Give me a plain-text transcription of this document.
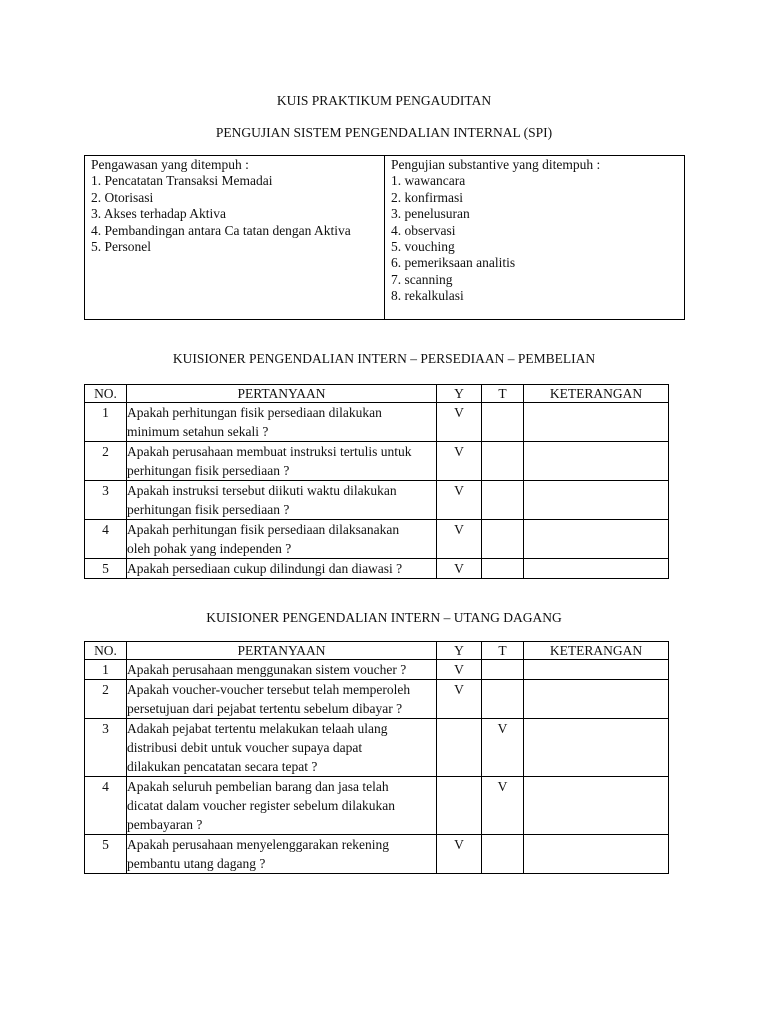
KUIS PRAKTIKUM PENGAUDITAN
PENGUJIAN SISTEM PENGENDALIAN INTERNAL (SPI)
Pengawasan yang ditempuh :
1. Pencatatan Transaksi Memadai
2. Otorisasi
3. Akses terhadap Aktiva
4. Pembandingan antara Ca tatan dengan Aktiva
5. Personel
Pengujian substantive yang ditempuh :
1. wawancara
2. konfirmasi
3. penelusuran
4. observasi
5. vouching
6. pemeriksaan analitis
7. scanning
8. rekalkulasi
KUISIONER PENGENDALIAN INTERN – PERSEDIAAN – PEMBELIAN
NO.	PERTANYAAN	Y	T	KETERANGAN
1	Apakah perhitungan fisik persediaan dilakukan
minimum setahun sekali ?	V		
2	Apakah perusahaan membuat instruksi tertulis untuk
perhitungan fisik persediaan ?	V		
3	Apakah instruksi tersebut diikuti waktu dilakukan
perhitungan fisik persediaan ?	V		
4	Apakah perhitungan fisik persediaan dilaksanakan
oleh pohak yang independen ?	V		
5	Apakah persediaan cukup dilindungi dan diawasi ?	V		
KUISIONER PENGENDALIAN INTERN – UTANG DAGANG
NO.	PERTANYAAN	Y	T	KETERANGAN
1	Apakah perusahaan menggunakan sistem voucher ?	V		
2	Apakah voucher-voucher tersebut telah memperoleh
persetujuan dari pejabat tertentu sebelum dibayar ?	V		
3	Adakah pejabat tertentu melakukan telaah ulang
distribusi debit untuk voucher supaya dapat
dilakukan pencatatan secara tepat ?		V	
4	Apakah seluruh pembelian barang dan jasa telah
dicatat dalam voucher register sebelum dilakukan
pembayaran ?		V	
5	Apakah perusahaan menyelenggarakan rekening
pembantu utang dagang ?	V		
